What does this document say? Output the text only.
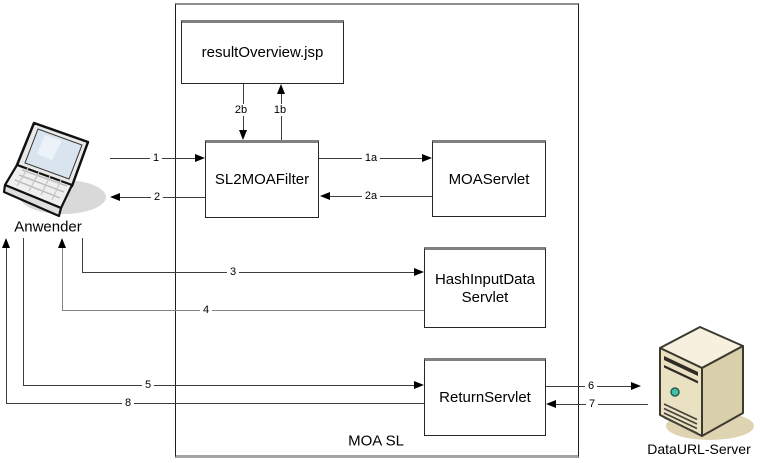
MOA SL
resultOverview.jsp
SL2MOAFilter	MOAServlet
HashInputData
Servlet
ReturnServlet
1
2
1a
2a
1b
2b
3
4
5	6
7
8
Anwender
DataURL-Server
